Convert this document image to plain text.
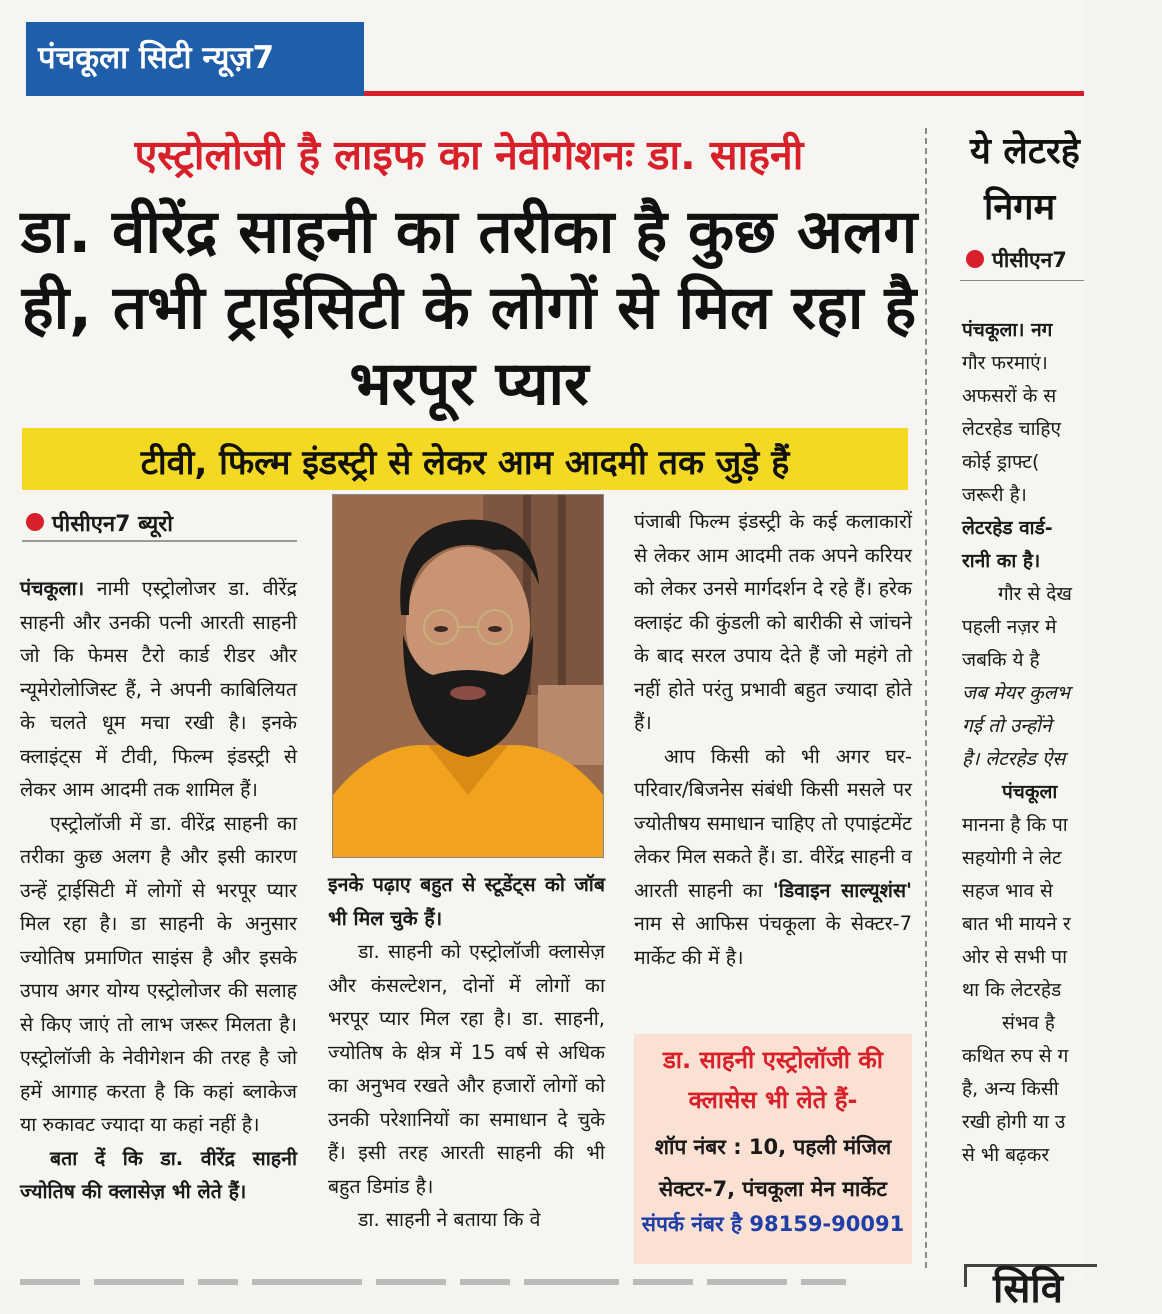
पंचकूला सिटी न्यूज़7
एस्ट्रोलोजी है लाइफ का नेवीगेशनः डा. साहनी
डा. वीरेंद्र साहनी का तरीका है कुछ अलग ही, तभी ट्राईसिटी के लोगों से मिल रहा है भरपूर प्यार
टीवी, फिल्म इंडस्ट्री से लेकर आम आदमी तक जुड़े हैं
पीसीएन7 ब्यूरो

पंचकूला। नामी एस्ट्रोलोजर डा. वीरेंद्र साहनी और उनकी पत्नी आरती साहनी जो कि फेमस टैरो कार्ड रीडर और न्यूमेरोलोजिस्ट हैं, ने अपनी काबिलियत के चलते धूम मचा रखी है। इनके क्लाइंट्स में टीवी, फिल्म इंडस्ट्री से लेकर आम आदमी तक शामिल हैं।

एस्ट्रोलॉजी में डा. वीरेंद्र साहनी का तरीका कुछ अलग है और इसी कारण उन्हें ट्राईसिटी में लोगों से भरपूर प्यार मिल रहा है। डा साहनी के अनुसार ज्योतिष प्रमाणित साइंस है और इसके उपाय अगर योग्य एस्ट्रोलोजर की सलाह से किए जाएं तो लाभ जरूर मिलता है। एस्ट्रोलॉजी के नेवीगेशन की तरह है जो हमें आगाह करता है कि कहां ब्लाकेज या रुकावट ज्यादा या कहां नहीं है।

बता दें कि डा. वीरेंद्र साहनी ज्योतिष की क्लासेज़ भी लेते हैं।

इनके पढ़ाए बहुत से स्टूडेंट्स को जॉब भी मिल चुके हैं।

डा. साहनी को एस्ट्रोलॉजी क्लासेज़ और कंसल्टेशन, दोनों में लोगों का भरपूर प्यार मिल रहा है। डा. साहनी, ज्योतिष के क्षेत्र में 15 वर्ष से अधिक का अनुभव रखते और हजारों लोगों को उनकी परेशानियों का समाधान दे चुके हैं। इसी तरह आरती साहनी की भी बहुत डिमांड है।

डा. साहनी ने बताया कि वे

पंजाबी फिल्म इंडस्ट्री के कई कलाकारों से लेकर आम आदमी तक अपने करियर को लेकर उनसे मार्गदर्शन दे रहे हैं। हरेक क्लाइंट की कुंडली को बारीकी से जांचने के बाद सरल उपाय देते हैं जो महंगे तो नहीं होते परंतु प्रभावी बहुत ज्यादा होते हैं।

आप किसी को भी अगर घर-परिवार/बिजनेस संबंधी किसी मसले पर ज्योतीषय समाधान चाहिए तो एपाइंटमेंट लेकर मिल सकते हैं। डा. वीरेंद्र साहनी व आरती साहनी का 'डिवाइन साल्यूशंस' नाम से आफिस पंचकूला के सेक्टर-7 मार्केट की में है।

डा. साहनी एस्ट्रोलॉजी की क्लासेस भी लेते हैं-
शॉप नंबर : 10, पहली मंजिल
सेक्टर-7, पंचकूला मेन मार्केट
संपर्क नंबर है 98159-90091
ये लेटरहे
निगम
पीसीएन7

पंचकूला। नग

गौर फरमाएं।

अफसरों के स

लेटरहेड चाहिए

कोई ड्राफ्ट(

जरूरी है।

लेटरहेड वार्ड-

रानी का है।

गौर से देख

पहली नज़र मे

जबकि ये है

जब मेयर कुलभ

गई तो उन्होंने

है। लेटरहेड ऐस

पंचकूला

मानना है कि पा

सहयोगी ने लेट

सहज भाव से

बात भी मायने र

ओर से सभी पा

था कि लेटरहेड

संभव है

कथित रुप से ग

है, अन्य किसी

रखी होगी या उ

से भी बढ़कर

सिवि
